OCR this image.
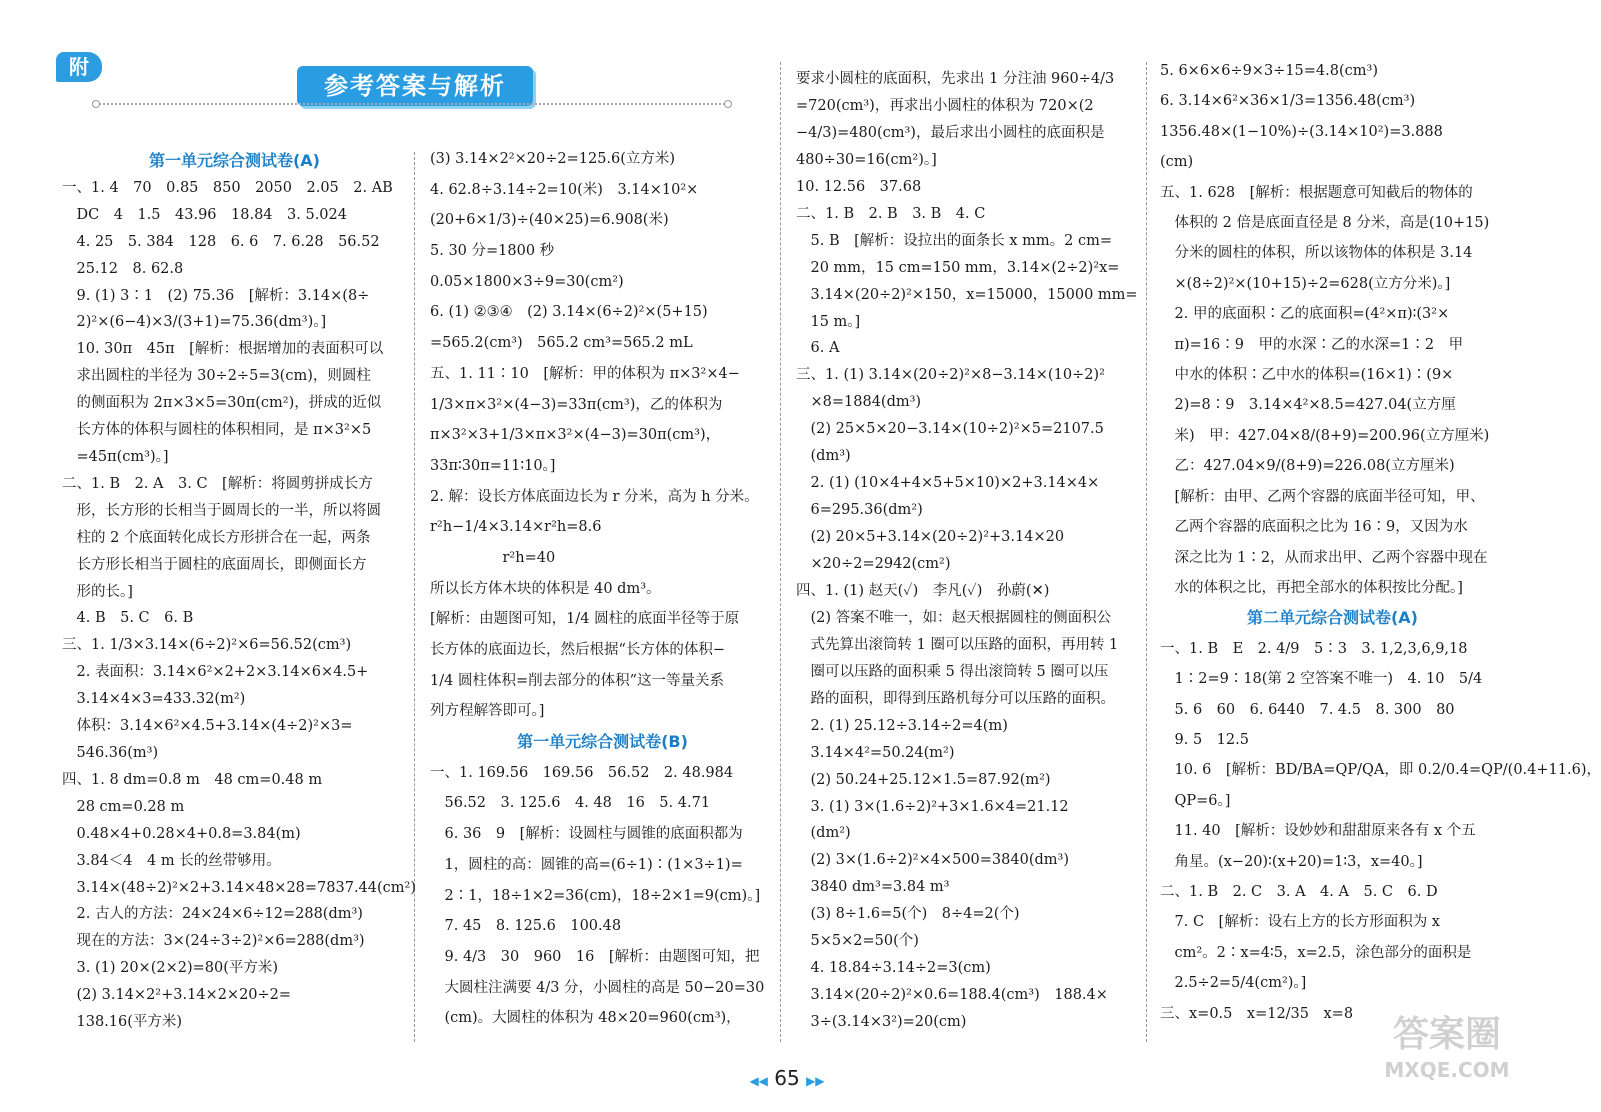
附
参考答案与解析
第一单元综合测试卷(A)
一、1. 4　70　0.85　850　2050　2.05　2. AB
　DC　4　1.5　43.96　18.84　3. 5.024
　4. 25　5. 384　128　6. 6　7. 6.28　56.52
　25.12　8. 62.8
　9. (1) 3∶1　(2) 75.36　[解析：3.14×(8÷
　2)²×(6−4)×3/(3+1)=75.36(dm³)。]
　10. 30π　45π　[解析：根据增加的表面积可以
　求出圆柱的半径为 30÷2÷5=3(cm)，则圆柱
　的侧面积为 2π×3×5=30π(cm²)，拼成的近似
　长方体的体积与圆柱的体积相同，是 π×3²×5
　=45π(cm³)。]
二、1. B　2. A　3. C　[解析：将圆剪拼成长方
　形，长方形的长相当于圆周长的一半，所以将圆
　柱的 2 个底面转化成长方形拼合在一起，两条
　长方形长相当于圆柱的底面周长，即侧面长方
　形的长。]
　4. B　5. C　6. B
三、1. 1/3×3.14×(6÷2)²×6=56.52(cm³)
　2. 表面积：3.14×6²×2+2×3.14×6×4.5+
　3.14×4×3=433.32(m²)
　体积：3.14×6²×4.5+3.14×(4÷2)²×3=
　546.36(m³)
四、1. 8 dm=0.8 m　48 cm=0.48 m
　28 cm=0.28 m
　0.48×4+0.28×4+0.8=3.84(m)
　3.84＜4　4 m 长的丝带够用。
　3.14×(48÷2)²×2+3.14×48×28=7837.44(cm²)
　2. 古人的方法：24×24×6÷12=288(dm³)
　现在的方法：3×(24÷3÷2)²×6=288(dm³)
　3. (1) 20×(2×2)=80(平方米)
　(2) 3.14×2²+3.14×2×20÷2=
　138.16(平方米)
(3) 3.14×2²×20÷2=125.6(立方米)
4. 62.8÷3.14÷2=10(米)　3.14×10²×
(20+6×1/3)÷(40×25)=6.908(米)
5. 30 分=1800 秒
0.05×1800×3÷9=30(cm²)
6. (1) ②③④　(2) 3.14×(6÷2)²×(5+15)
=565.2(cm³)　565.2 cm³=565.2 mL
五、1. 11∶10　[解析：甲的体积为 π×3²×4−
1/3×π×3²×(4−3)=33π(cm³)，乙的体积为
π×3²×3+1/3×π×3²×(4−3)=30π(cm³)，
33π∶30π=11∶10。]
2. 解：设长方体底面边长为 r 分米，高为 h 分米。
r²h−1/4×3.14×r²h=8.6
　　　　　r²h=40
所以长方体木块的体积是 40 dm³。
[解析：由题图可知，1/4 圆柱的底面半径等于原
长方体的底面边长，然后根据“长方体的体积−
1/4 圆柱体积=削去部分的体积”这一等量关系
列方程解答即可。]
第一单元综合测试卷(B)
一、1. 169.56　169.56　56.52　2. 48.984
　56.52　3. 125.6　4. 48　16　5. 4.71
　6. 36　9　[解析：设圆柱与圆锥的底面积都为
　1，圆柱的高：圆锥的高=(6÷1)∶(1×3÷1)=
　2∶1，18÷1×2=36(cm)，18÷2×1=9(cm)。]
　7. 45　8. 125.6　100.48
　9. 4/3　30　960　16　[解析：由题图可知，把
　大圆柱注满要 4/3 分，小圆柱的高是 50−20=30
　(cm)。大圆柱的体积为 48×20=960(cm³)，
要求小圆柱的底面积，先求出 1 分注油 960÷4/3
=720(cm³)，再求出小圆柱的体积为 720×(2
−4/3)=480(cm³)，最后求出小圆柱的底面积是
480÷30=16(cm²)。]
10. 12.56　37.68
二、1. B　2. B　3. B　4. C
　5. B　[解析：设拉出的面条长 x mm。2 cm=
　20 mm，15 cm=150 mm，3.14×(2÷2)²x=
　3.14×(20÷2)²×150，x=15000，15000 mm=
　15 m。]
　6. A
三、1. (1) 3.14×(20÷2)²×8−3.14×(10÷2)²
　×8=1884(dm³)
　(2) 25×5×20−3.14×(10÷2)²×5=2107.5
　(dm³)
　2. (1) (10×4+4×5+5×10)×2+3.14×4×
　6=295.36(dm²)
　(2) 20×5+3.14×(20÷2)²+3.14×20
　×20÷2=2942(cm²)
四、1. (1) 赵天(✓)　李凡(✓)　孙蔚(✕)
　(2) 答案不唯一，如：赵天根据圆柱的侧面积公
　式先算出滚筒转 1 圈可以压路的面积，再用转 1
　圈可以压路的面积乘 5 得出滚筒转 5 圈可以压
　路的面积，即得到压路机每分可以压路的面积。
　2. (1) 25.12÷3.14÷2=4(m)
　3.14×4²=50.24(m²)
　(2) 50.24+25.12×1.5=87.92(m²)
　3. (1) 3×(1.6÷2)²+3×1.6×4=21.12
　(dm²)
　(2) 3×(1.6÷2)²×4×500=3840(dm³)
　3840 dm³=3.84 m³
　(3) 8÷1.6=5(个)　8÷4=2(个)
　5×5×2=50(个)
　4. 18.84÷3.14÷2=3(cm)
　3.14×(20÷2)²×0.6=188.4(cm³)　188.4×
　3÷(3.14×3²)=20(cm)
5. 6×6×6÷9×3÷15=4.8(cm³)
6. 3.14×6²×36×1/3=1356.48(cm³)
1356.48×(1−10%)÷(3.14×10²)=3.888
(cm)
五、1. 628　[解析：根据题意可知截后的物体的
　体积的 2 倍是底面直径是 8 分米，高是(10+15)
　分米的圆柱的体积，所以该物体的体积是 3.14
　×(8÷2)²×(10+15)÷2=628(立方分米)。]
　2. 甲的底面积∶乙的底面积=(4²×π)∶(3²×
　π)=16∶9　甲的水深∶乙的水深=1∶2　甲
　中水的体积∶乙中水的体积=(16×1)∶(9×
　2)=8∶9　3.14×4²×8.5=427.04(立方厘
　米)　甲：427.04×8/(8+9)=200.96(立方厘米)
　乙：427.04×9/(8+9)=226.08(立方厘米)
　[解析：由甲、乙两个容器的底面半径可知，甲、
　乙两个容器的底面积之比为 16∶9，又因为水
　深之比为 1∶2，从而求出甲、乙两个容器中现在
　水的体积之比，再把全部水的体积按比分配。]
第二单元综合测试卷(A)
一、1. B　E　2. 4/9　5∶3　3. 1,2,3,6,9,18
　1∶2=9∶18(第 2 空答案不唯一)　4. 10　5/4
　5. 6　60　6. 6440　7. 4.5　8. 300　80
　9. 5　12.5
　10. 6　[解析：BD/BA=QP/QA，即 0.2/0.4=QP/(0.4+11.6)，
　QP=6。]
　11. 40　[解析：设妙妙和甜甜原来各有 x 个五
　角星。(x−20)∶(x+20)=1∶3，x=40。]
二、1. B　2. C　3. A　4. A　5. C　6. D
　7. C　[解析：设右上方的长方形面积为 x
　cm²。2∶x=4∶5，x=2.5，涂色部分的面积是
　2.5÷2=5/4(cm²)。]
三、x=0.5　x=12/35　x=8
◀◀ 65 ▶▶
答案圈
MXQE.COM
